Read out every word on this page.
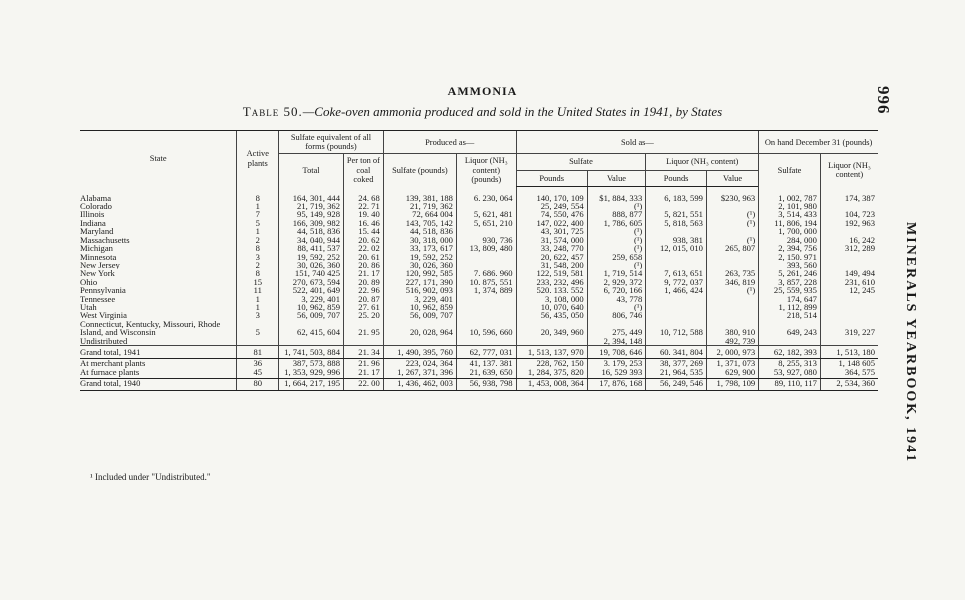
996
MINERALS YEARBOOK, 1941
AMMONIA
Table 50.—Coke-oven ammonia produced and sold in the United States in 1941, by States
State	Active plants	Sulfate equivalent of all forms (pounds)		Produced as—		Sold as—				On hand December 31 (pounds)	
		Total	Per ton of coal coked	Sulfate (pounds)	Liquor (NH₃ content) (pounds)	Sulfate		Liquor (NH₃ content)		Sulfate	Liquor (NH₃ content)
						Pounds	Value	Pounds	Value		

Alabama	8	164, 301, 444	24. 68	139, 381, 188	6. 230, 064	140, 170, 109	$1, 884, 333	6, 183, 599	$230, 963	1, 002, 787	174, 387
Colorado	1	21, 719, 362	22. 71	21, 719, 362		25, 249, 554	(¹)			2, 101, 980	
Illinois	7	95, 149, 928	19. 40	72, 664 004	5, 621, 481	74, 550, 476	888, 877	5, 821, 551	(¹)	3, 514, 433	104, 723
Indiana	5	166, 309, 982	16. 46	143, 705, 142	5, 651, 210	147, 022, 400	1, 786, 605	5, 818, 563	(¹)	11, 806, 194	192, 963
Maryland	1	44, 518, 836	15. 44	44, 518, 836		43, 301, 725	(¹)			1, 700, 000	
Massachusetts	2	34, 040, 944	20. 62	30, 318, 000	930, 736	31, 574, 000	(¹)	938, 381	(¹)	284, 000	16, 242
Michigan	8	88, 411, 537	22. 02	33, 173, 617	13, 809, 480	33, 248, 770	(¹)	12, 015, 010	265, 807	2, 394, 756	312, 289
Minnesota	3	19, 592, 252	20. 61	19, 592, 252		20, 622, 457	259, 658			2, 150. 971	
New Jersey	2	30, 026, 360	20. 86	30, 026, 360		31, 548, 200	(¹)			393, 560	
New York	8	151, 740 425	21. 17	120, 992, 585	7. 686. 960	122, 519, 581	1, 719, 514	7, 613, 651	263, 735	5, 261, 246	149, 494
Ohio	15	270, 673, 594	20. 89	227, 171, 390	10. 875, 551	233, 232, 496	2, 929, 372	9, 772, 037	346, 819	3, 857, 228	231, 610
Pennsylvania	11	522, 401, 649	22. 96	516, 902, 093	1, 374, 889	520. 133. 552	6, 720, 166	1, 466, 424	(¹)	25, 559, 935	12, 245
Tennessee	1	3, 229, 401	20. 87	3, 229, 401		3, 108, 000	43, 778			174, 647	
Utah	1	10, 962, 859	27. 61	10, 962, 859		10, 070, 640	(¹)			1, 112, 899	
West Virginia	3	56, 009, 707	25. 20	56, 009, 707		56, 435, 050	806, 746			218, 514	
Connecticut, Kentucky, Missouri, Rhode Island, and Wisconsin	5	62, 415, 604	21. 95	20, 028, 964	10, 596, 660	20, 349, 960	275, 449	10, 712, 588	380, 910	649, 243	319, 227
Undistributed							2, 394, 148		492, 739		
Grand total, 1941	81	1, 741, 503, 884	21. 34	1, 490, 395, 760	62, 777, 031	1, 513, 137, 970	19, 708, 646	60. 341, 804	2, 000, 973	62, 182, 393	1, 513, 180
At merchant plants	36	387, 573, 888	21. 96	223, 024, 364	41, 137. 381	228, 762, 150	3. 179, 253	38, 377, 269	1, 371, 073	8, 255, 313	1, 148 605
At furnace plants	45	1, 353, 929, 996	21. 17	1, 267, 371, 396	21, 639, 650	1, 284, 375, 820	16, 529 393	21, 964, 535	629, 900	53, 927, 080	364, 575
Grand total, 1940	80	1, 664, 217, 195	22. 00	1, 436, 462, 003	56, 938, 798	1, 453, 008, 364	17, 876, 168	56, 249, 546	1, 798, 109	89, 110, 117	2, 534, 360
¹ Included under "Undistributed."
